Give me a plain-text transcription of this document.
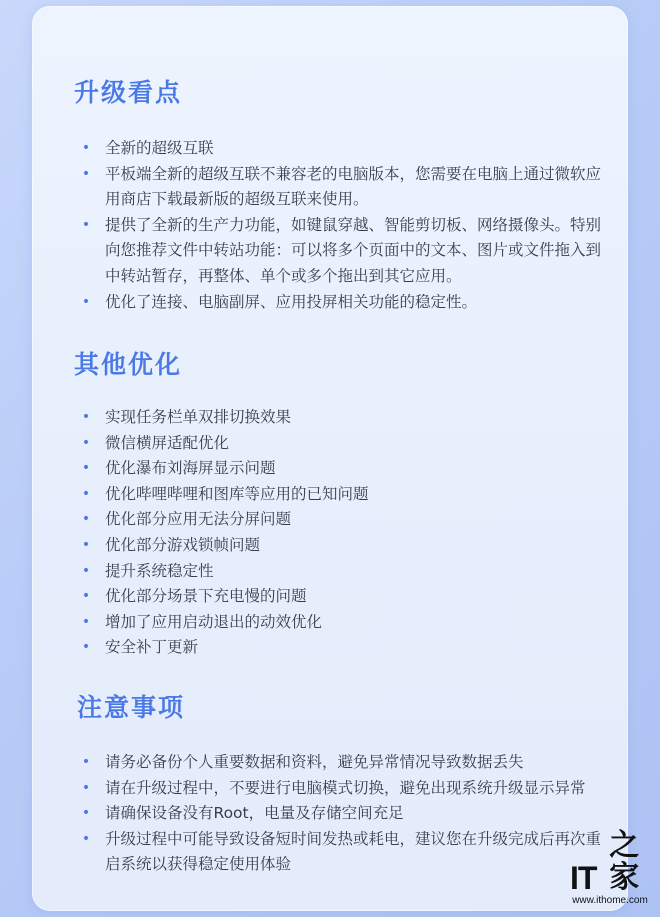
升级看点
• 全新的超级互联
• 平板端全新的超级互联不兼容老的电脑版本，您需要在电脑上通过微软应用商店下载最新版的超级互联来使用。
• 提供了全新的生产力功能，如键鼠穿越、智能剪切板、网络摄像头。特别向您推荐文件中转站功能：可以将多个页面中的文本、图片或文件拖入到中转站暂存，再整体、单个或多个拖出到其它应用。
• 优化了连接、电脑副屏、应用投屏相关功能的稳定性。
其他优化
• 实现任务栏单双排切换效果
• 微信横屏适配优化
• 优化瀑布刘海屏显示问题
• 优化哔哩哔哩和图库等应用的已知问题
• 优化部分应用无法分屏问题
• 优化部分游戏锁帧问题
• 提升系统稳定性
• 优化部分场景下充电慢的问题
• 增加了应用启动退出的动效优化
• 安全补丁更新
注意事项
• 请务必备份个人重要数据和资料，避免异常情况导致数据丢失
• 请在升级过程中，不要进行电脑模式切换，避免出现系统升级显示异常
• 请确保设备没有Root，电量及存储空间充足
• 升级过程中可能导致设备短时间发热或耗电，建议您在升级完成后再次重启系统以获得稳定使用体验	IT
之家
www.ithome.com
